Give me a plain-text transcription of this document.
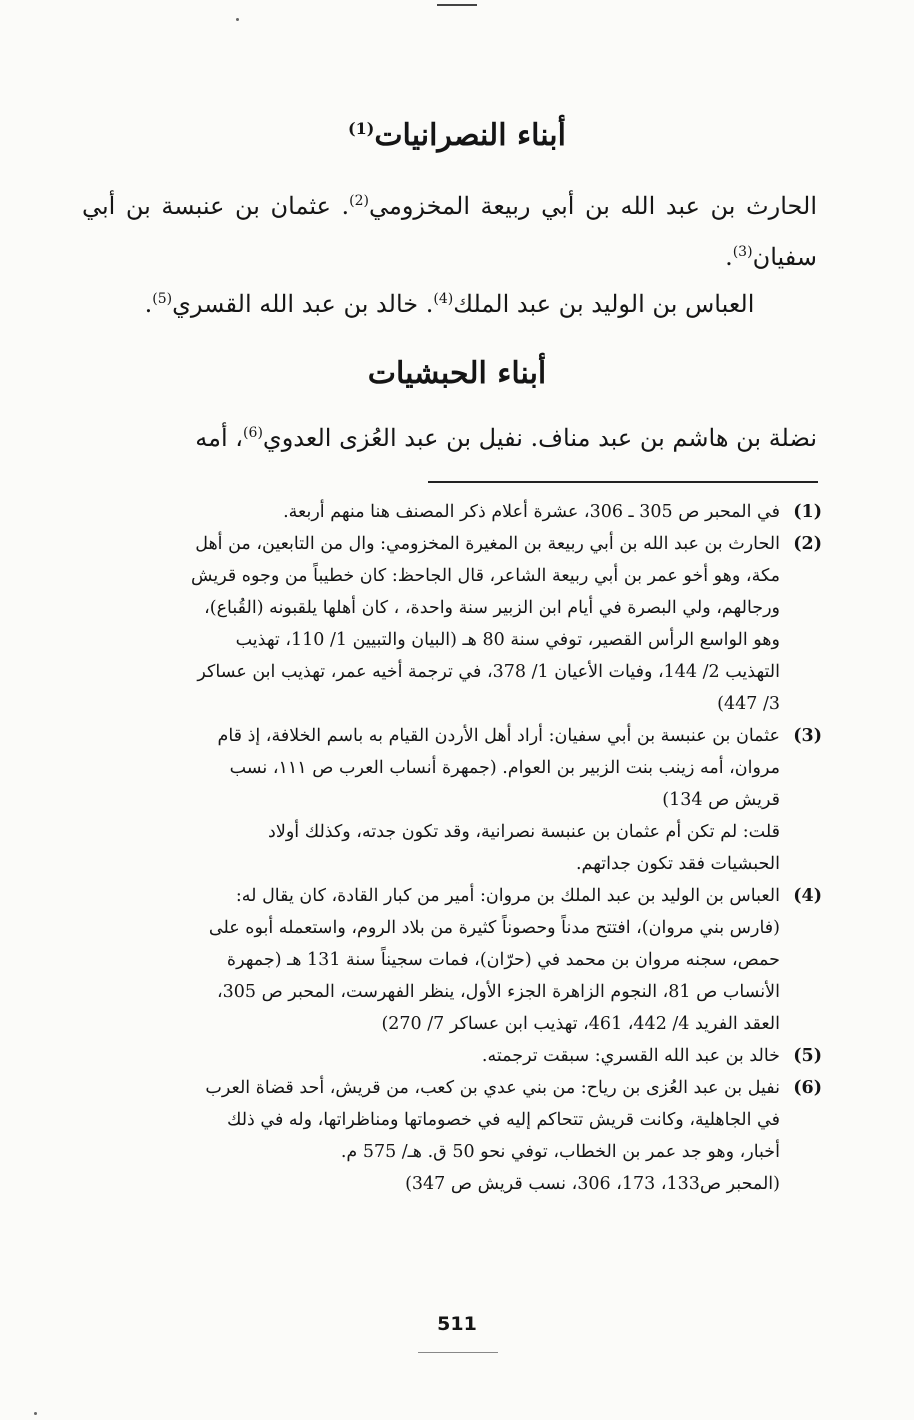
أبناء النصرانيات$^{(1)}$
الحارث بن عبد الله بن أبي ربيعة المخزومي$^{(2)}$. عثمان بن عنبسة بن أبي سفيان$^{(3)}$.
العباس بن الوليد بن عبد الملك$^{(4)}$. خالد بن عبد الله القسري$^{(5)}$.
أبناء الحبشيات
نضلة بن هاشم بن عبد مناف. نفيل بن عبد العُزى العدوي$^{(6)}$، أمه
(1)
في المحبر ص 305 ـ 306، عشرة أعلام ذكر المصنف هنا منهم أربعة.
(2)
الحارث بن عبد الله بن أبي ربيعة بن المغيرة المخزومي: وال من التابعين، من أهل
مكة، وهو أخو عمر بن أبي ربيعة الشاعر، قال الجاحظ: كان خطيباً من وجوه قريش
ورجالهم، ولي البصرة في أيام ابن الزبير سنة واحدة، ، كان أهلها يلقبونه (القُباع)،
وهو الواسع الرأس القصير، توفي سنة 80 هـ (البيان والتبيين 1/ 110، تهذيب
التهذيب 2/ 144، وفيات الأعيان 1/ 378، في ترجمة أخيه عمر، تهذيب ابن عساكر
3/ 447)
(3)
عثمان بن عنبسة بن أبي سفيان: أراد أهل الأردن القيام به باسم الخلافة، إذ قام
مروان، أمه زينب بنت الزبير بن العوام. (جمهرة أنساب العرب ص ١١١، نسب
قريش ص 134)
قلت: لم تكن أم عثمان بن عنبسة نصرانية، وقد تكون جدته، وكذلك أولاد
الحبشيات فقد تكون جداتهم.
(4)
العباس بن الوليد بن عبد الملك بن مروان: أمير من كبار القادة، كان يقال له:
(فارس بني مروان)، افتتح مدناً وحصوناً كثيرة من بلاد الروم، واستعمله أبوه على
حمص، سجنه مروان بن محمد في (حرّان)، فمات سجيناً سنة 131 هـ (جمهرة
الأنساب ص 81، النجوم الزاهرة الجزء الأول، ينظر الفهرست، المحبر ص 305،
العقد الفريد 4/ 442، 461، تهذيب ابن عساكر 7/ 270)
(5)
خالد بن عبد الله القسري: سبقت ترجمته.
(6)
نفيل بن عبد العُزى بن رياح: من بني عدي بن كعب، من قريش، أحد قضاة العرب
في الجاهلية، وكانت قريش تتحاكم إليه في خصوماتها ومناظراتها، وله في ذلك
أخبار، وهو جد عمر بن الخطاب، توفي نحو 50 ق. هـ/ 575 م.
(المحبر ص133، 173، 306، نسب قريش ص 347)
511
